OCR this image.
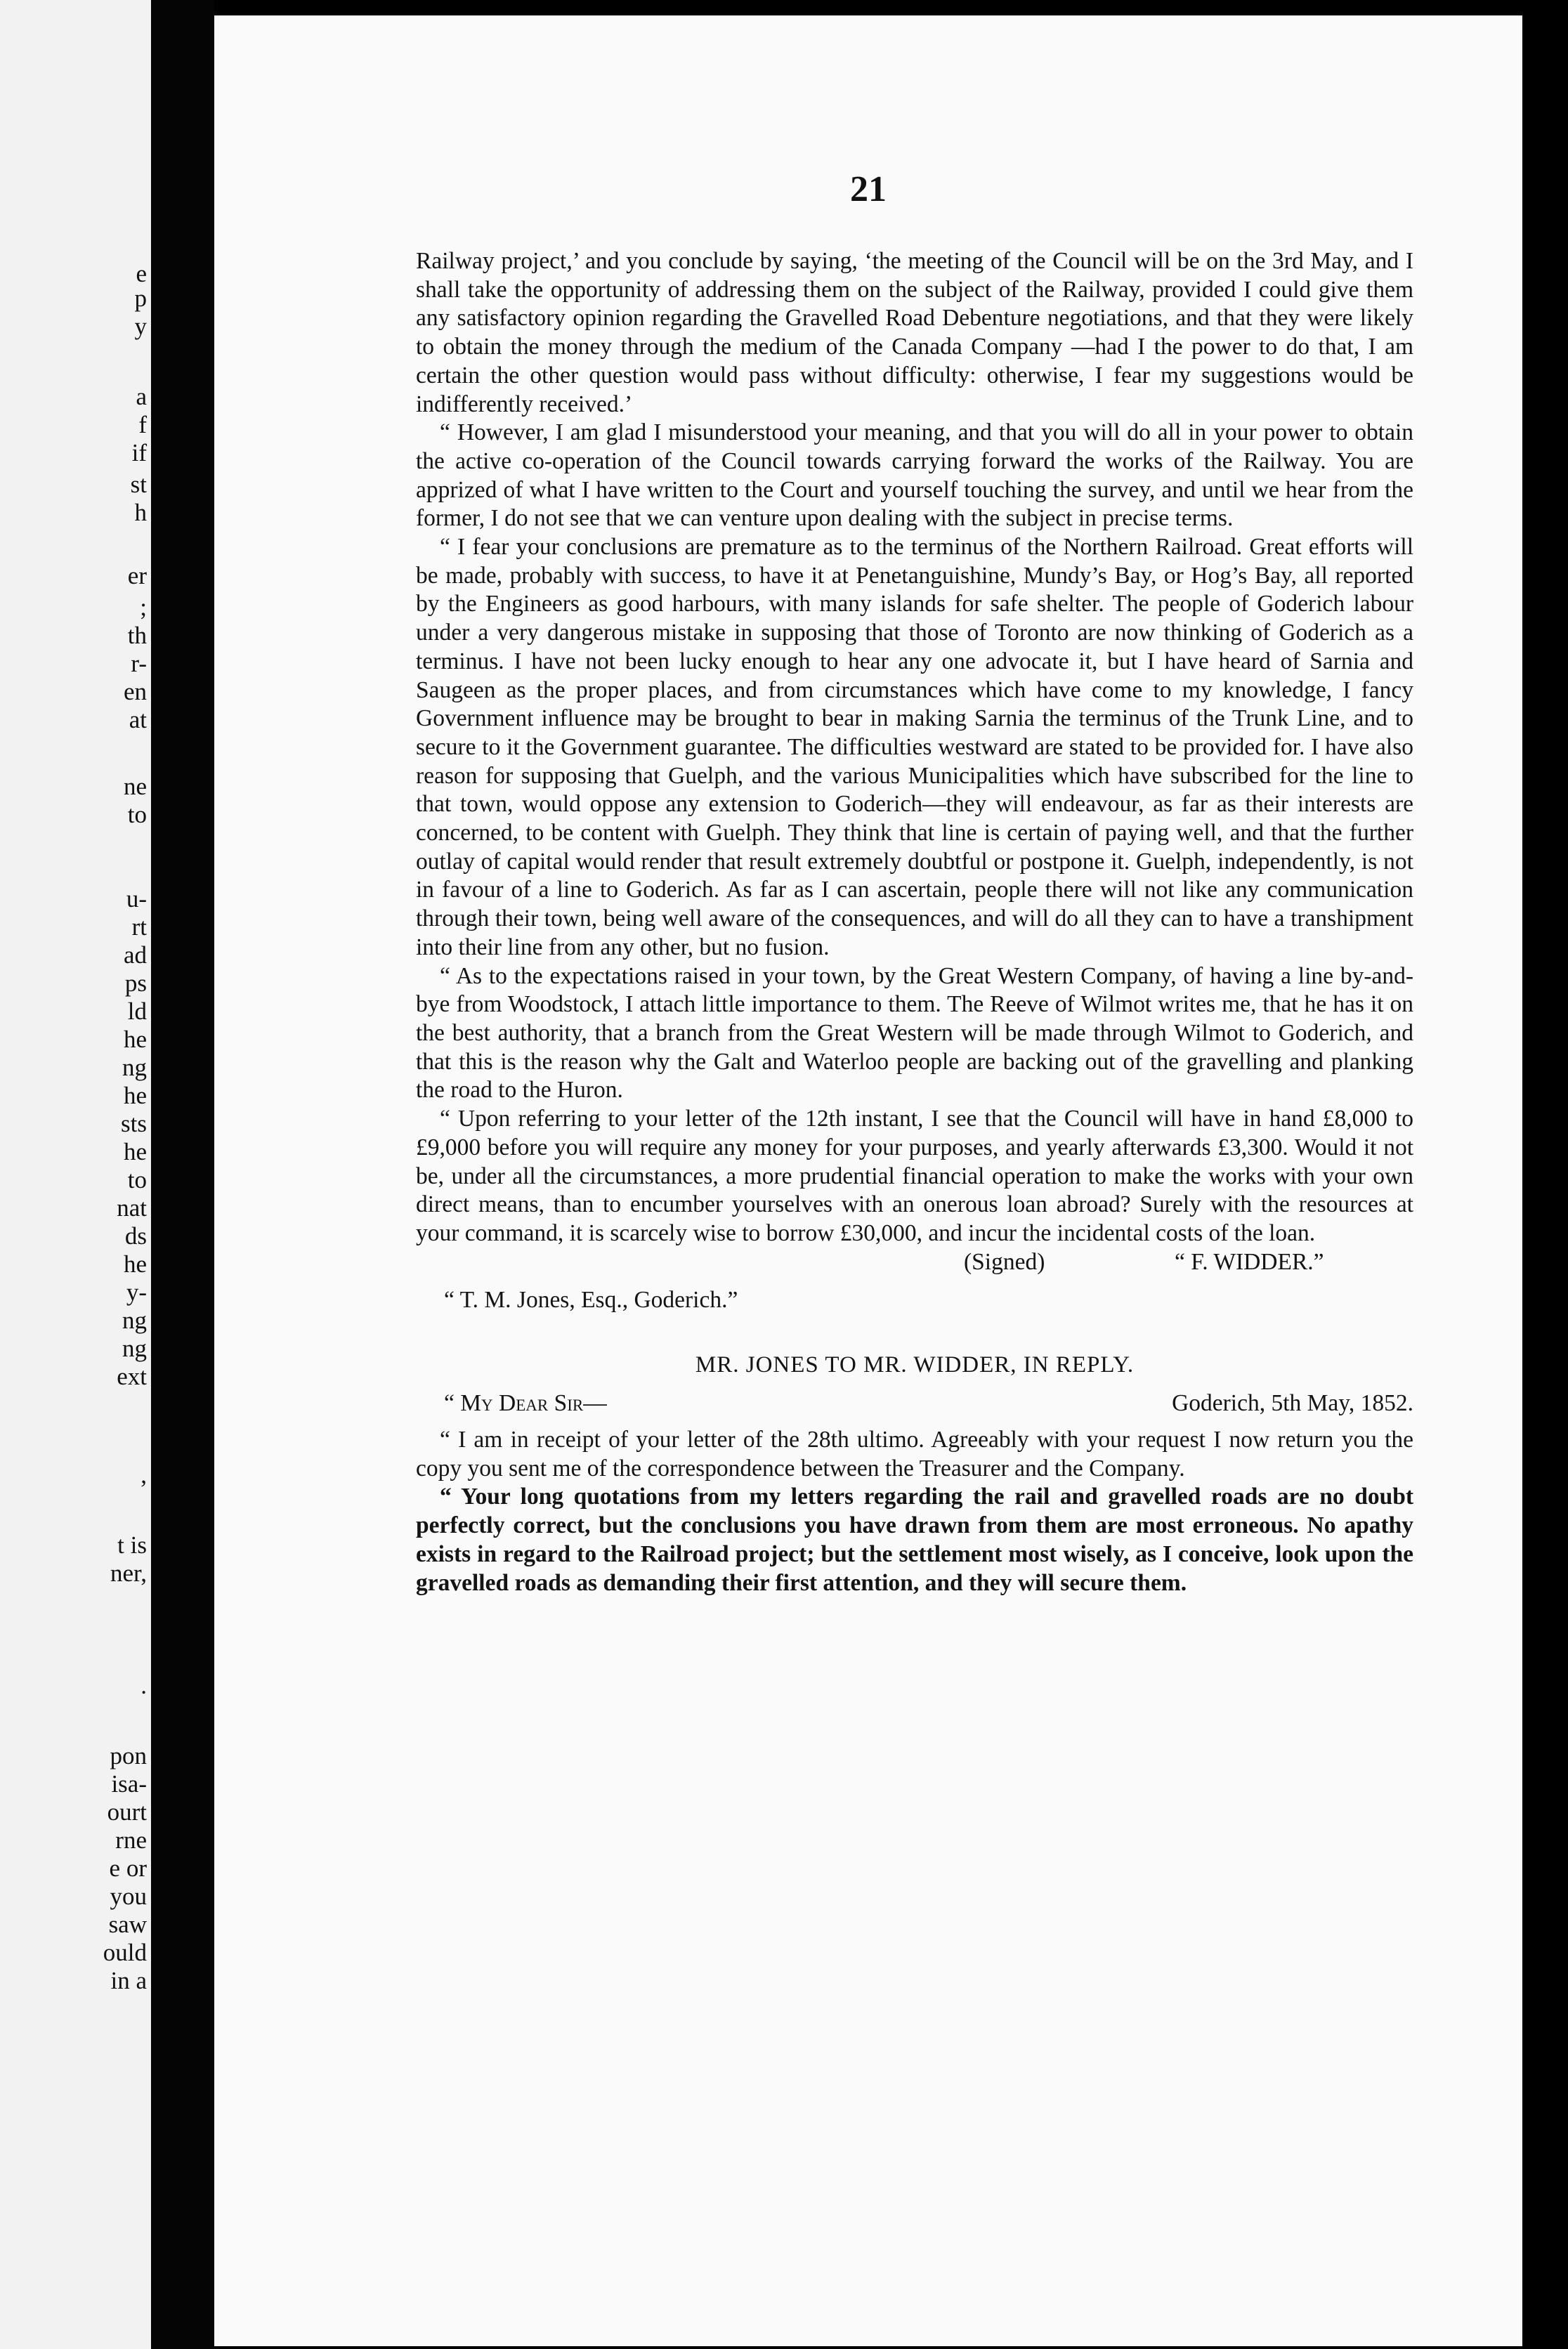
e
p
y
a
f
if
st
h
er
;
th
r-
en
at
ne
to
u-
rt
ad
ps
ld
he
ng
he
sts
he
to
nat
ds
he
y-
ng
ng
ext
,
t is
ner,
.
pon
isa-
ourt
rne
e or
you
saw
ould
in a
21

Railway project,’ and you conclude by saying, ‘the meeting of the Council will be on the 3rd May, and I shall take the opportunity of addressing them on the subject of the Railway, provided I could give them any satisfactory opinion regarding the Gravelled Road Debenture negotiations, and that they were likely to obtain the money through the medium of the Canada Company —had I the power to do that, I am certain the other question would pass without difficulty: otherwise, I fear my suggestions would be indifferently received.’

“ However, I am glad I misunderstood your meaning, and that you will do all in your power to obtain the active co-operation of the Council towards carrying forward the works of the Railway. You are apprized of what I have written to the Court and yourself touching the survey, and until we hear from the former, I do not see that we can venture upon dealing with the subject in precise terms.

“ I fear your conclusions are premature as to the terminus of the Northern Railroad. Great efforts will be made, probably with success, to have it at Penetanguishine, Mundy’s Bay, or Hog’s Bay, all reported by the Engineers as good harbours, with many islands for safe shelter. The people of Goderich labour under a very dangerous mistake in supposing that those of Toronto are now thinking of Goderich as a terminus. I have not been lucky enough to hear any one advocate it, but I have heard of Sarnia and Saugeen as the proper places, and from circumstances which have come to my knowledge, I fancy Government influence may be brought to bear in making Sarnia the terminus of the Trunk Line, and to secure to it the Government guarantee. The difficulties westward are stated to be provided for. I have also reason for supposing that Guelph, and the various Municipalities which have subscribed for the line to that town, would oppose any extension to Goderich—they will endeavour, as far as their interests are concerned, to be content with Guelph. They think that line is certain of paying well, and that the further outlay of capital would render that result extremely doubtful or postpone it. Guelph, independently, is not in favour of a line to Goderich. As far as I can ascertain, people there will not like any communication through their town, being well aware of the consequences, and will do all they can to have a transhipment into their line from any other, but no fusion.

“ As to the expectations raised in your town, by the Great Western Company, of having a line by-and-bye from Woodstock, I attach little importance to them. The Reeve of Wilmot writes me, that he has it on the best authority, that a branch from the Great Western will be made through Wilmot to Goderich, and that this is the reason why the Galt and Waterloo people are backing out of the gravelling and planking the road to the Huron.

“ Upon referring to your letter of the 12th instant, I see that the Council will have in hand £8,000 to £9,000 before you will require any money for your purposes, and yearly afterwards £3,300. Would it not be, under all the circumstances, a more prudential financial operation to make the works with your own direct means, than to encumber yourselves with an onerous loan abroad? Surely with the resources at your command, it is scarcely wise to borrow £30,000, and incur the incidental costs of the loan.

(Signed)	“ F. WIDDER.”
“ T. M. Jones, Esq., Goderich.”
MR. JONES TO MR. WIDDER, IN REPLY.
“ My Dear Sir—	Goderich, 5th May, 1852.

“ I am in receipt of your letter of the 28th ultimo. Agreeably with your request I now return you the copy you sent me of the correspondence between the Treasurer and the Company.

“ Your long quotations from my letters regarding the rail and gravelled roads are no doubt perfectly correct, but the conclusions you have drawn from them are most erroneous. No apathy exists in regard to the Railroad project; but the settlement most wisely, as I conceive, look upon the gravelled roads as demanding their first attention, and they will secure them.
